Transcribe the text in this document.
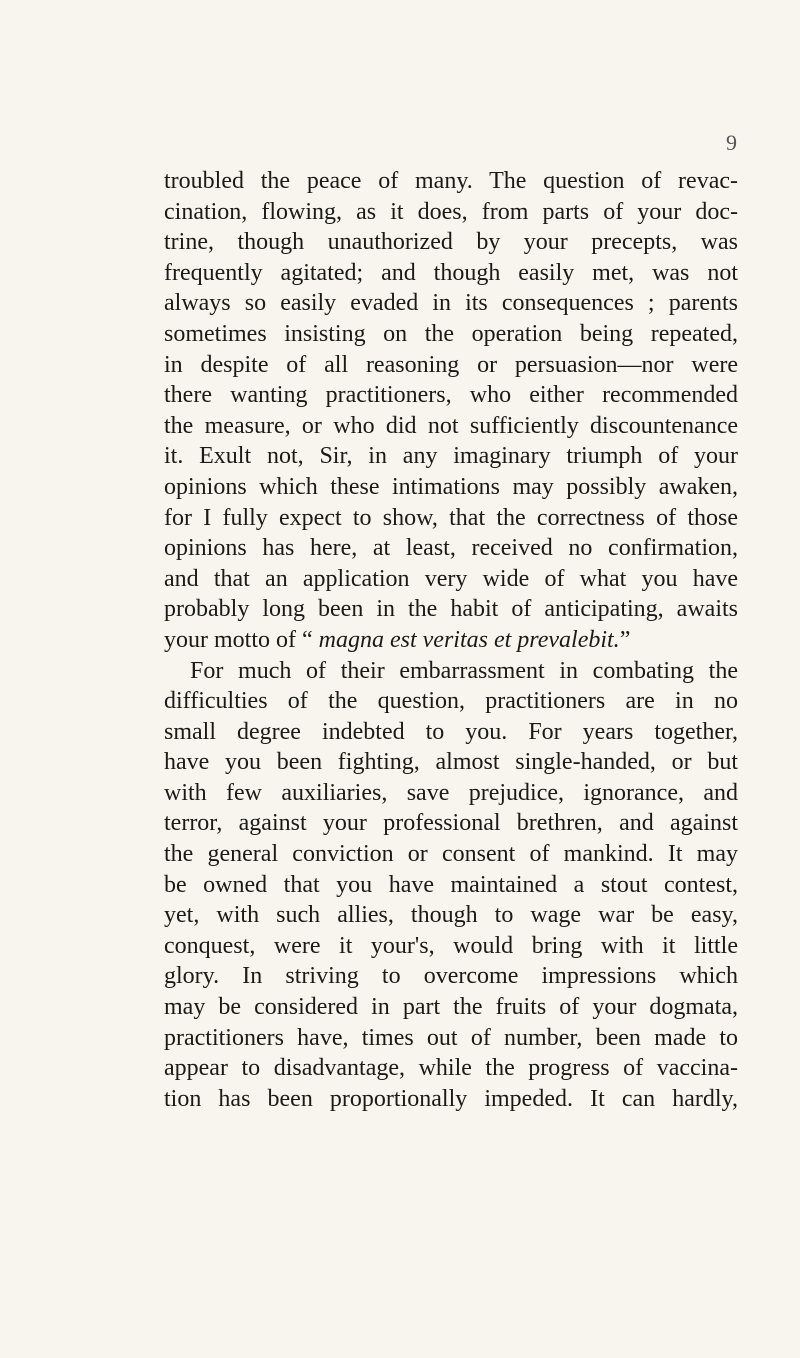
9
troubled the peace of many. The question of revac-
cination, flowing, as it does, from parts of your doc-
trine, though unauthorized by your precepts, was
frequently agitated; and though easily met, was not
always so easily evaded in its consequences ; parents
sometimes insisting on the operation being repeated,
in despite of all reasoning or persuasion—nor were
there wanting practitioners, who either recommended
the measure, or who did not sufficiently discountenance
it. Exult not, Sir, in any imaginary triumph of your
opinions which these intimations may possibly awaken,
for I fully expect to show, that the correctness of those
opinions has here, at least, received no confirmation,
and that an application very wide of what you have
probably long been in the habit of anticipating, awaits
your motto of “ magna est veritas et prevalebit.”
For much of their embarrassment in combating the
difficulties of the question, practitioners are in no
small degree indebted to you. For years together,
have you been fighting, almost single-handed, or but
with few auxiliaries, save prejudice, ignorance, and
terror, against your professional brethren, and against
the general conviction or consent of mankind. It may
be owned that you have maintained a stout contest,
yet, with such allies, though to wage war be easy,
conquest, were it your's, would bring with it little
glory. In striving to overcome impressions which
may be considered in part the fruits of your dogmata,
practitioners have, times out of number, been made to
appear to disadvantage, while the progress of vaccina-
tion has been proportionally impeded. It can hardly,
